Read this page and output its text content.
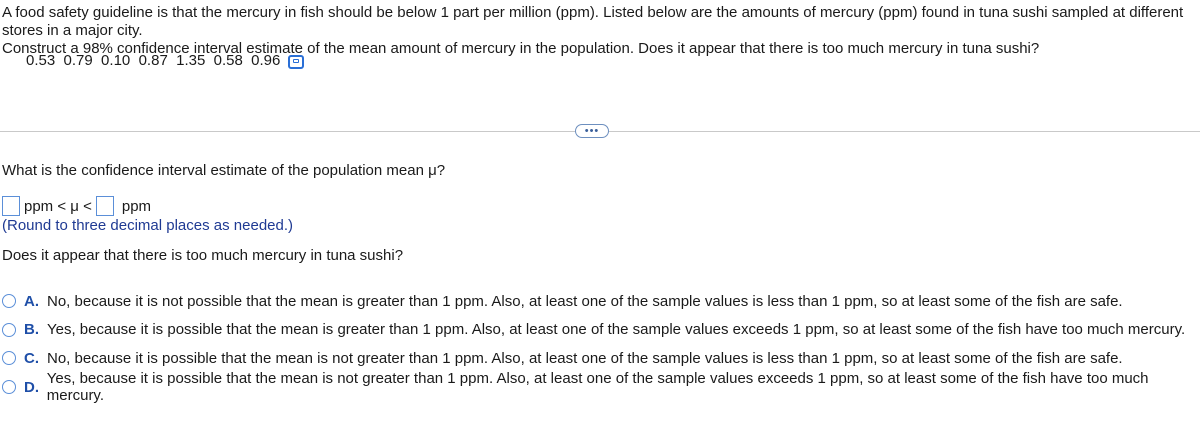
A food safety guideline is that the mercury in fish should be below 1 part per million (ppm). Listed below are the amounts of mercury (ppm) found in tuna sushi sampled at different stores in a major city.
Construct a 98% confidence interval estimate of the mean amount of mercury in the population. Does it appear that there is too much mercury in tuna sushi?
0.53  0.79  0.10  0.87  1.35  0.58  0.96
•••
What is the confidence interval estimate of the population mean μ?
ppm < μ < ppm
(Round to three decimal places as needed.)
Does it appear that there is too much mercury in tuna sushi?
A. No, because it is not possible that the mean is greater than 1 ppm. Also, at least one of the sample values is less than 1 ppm, so at least some of the fish are safe.
B. Yes, because it is possible that the mean is greater than 1 ppm. Also, at least one of the sample values exceeds 1 ppm, so at least some of the fish have too much mercury.
C. No, because it is possible that the mean is not greater than 1 ppm. Also, at least one of the sample values is less than 1 ppm, so at least some of the fish are safe.
D. Yes, because it is possible that the mean is not greater than 1 ppm. Also, at least one of the sample values exceeds 1 ppm, so at least some of the fish have too much mercury.
